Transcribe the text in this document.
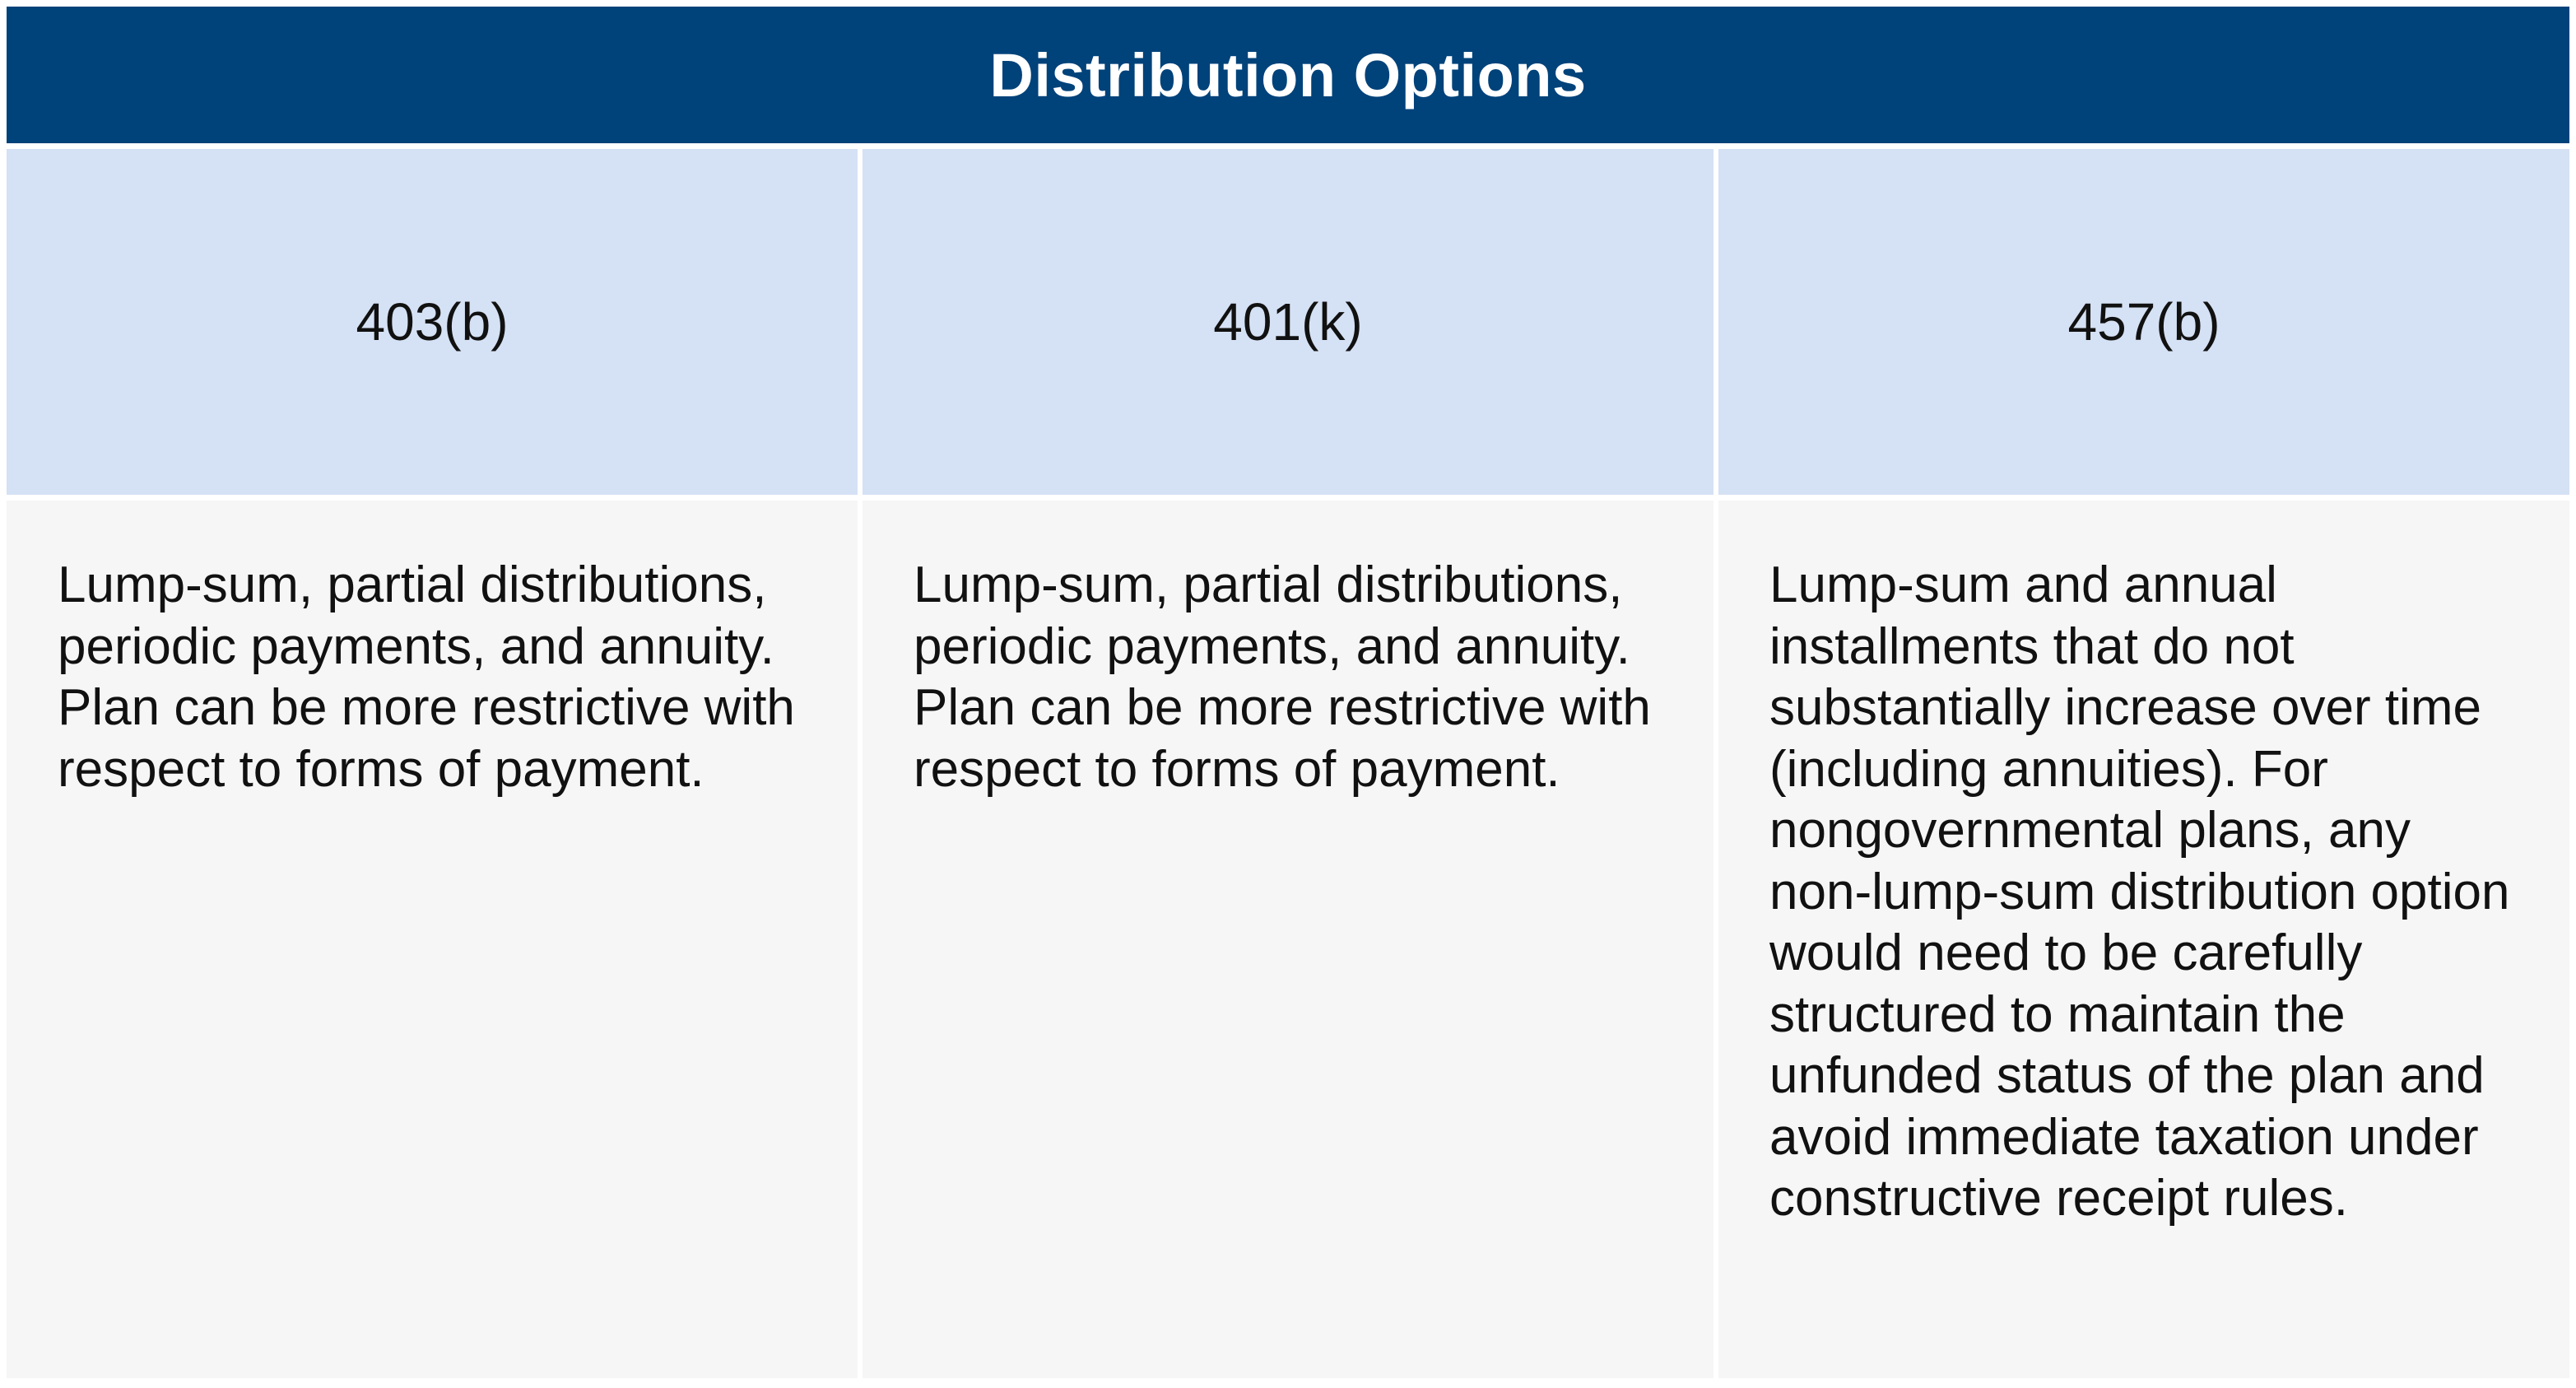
Distribution Options
403(b)	401(k)	457(b)

Lump-sum, partial distributions, periodic payments, and annuity. Plan can be more restrictive with respect to forms of payment.

Lump-sum, partial distributions, periodic payments, and annuity. Plan can be more restrictive with respect to forms of payment.

Lump-sum and annual installments that do not substantially increase over time (including annuities). For nongovernmental plans, any non-lump-sum distribution option would need to be carefully structured to maintain the unfunded status of the plan and avoid immediate taxation under constructive receipt rules.
